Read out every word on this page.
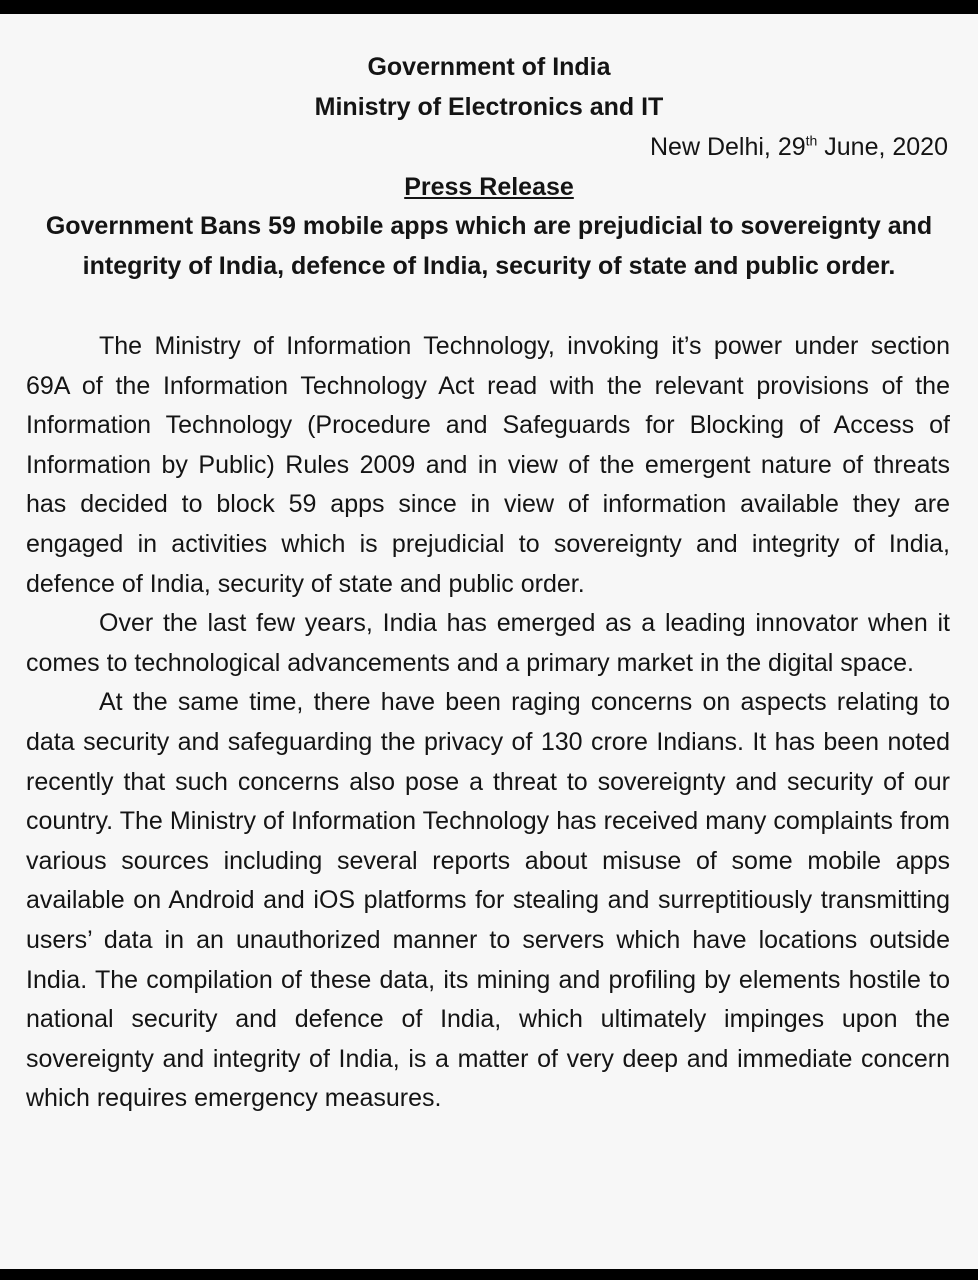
Government of India
Ministry of Electronics and IT
New Delhi, 29th June, 2020
Press Release
Government Bans 59 mobile apps which are prejudicial to sovereignty and integrity of India, defence of India, security of state and public order.

The Ministry of Information Technology, invoking it’s power under section 69A of the Information Technology Act read with the relevant provisions of the Information Technology (Procedure and Safeguards for Blocking of Access of Information by Public) Rules 2009 and in view of the emergent nature of threats has decided to block 59 apps since in view of information available they are engaged in activities which is prejudicial to sovereignty and integrity of India, defence of India, security of state and public order.

Over the last few years, India has emerged as a leading innovator when it comes to technological advancements and a primary market in the digital space.

At the same time, there have been raging concerns on aspects relating to data security and safeguarding the privacy of 130 crore Indians. It has been noted recently that such concerns also pose a threat to sovereignty and security of our country. The Ministry of Information Technology has received many complaints from various sources including several reports about misuse of some mobile apps available on Android and iOS platforms for stealing and surreptitiously transmitting users’ data in an unauthorized manner to servers which have locations outside India. The compilation of these data, its mining and profiling by elements hostile to national security and defence of India, which ultimately impinges upon the sovereignty and integrity of India, is a matter of very deep and immediate concern which requires emergency measures.
